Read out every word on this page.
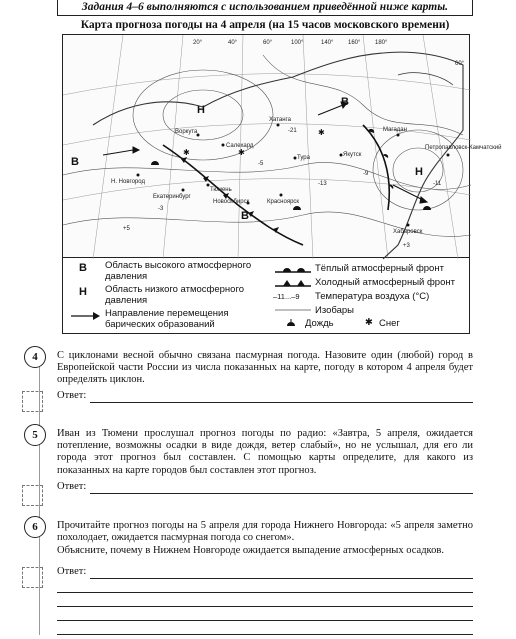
Задания 4–6 выполняются с использованием приведённой ниже карты.
Карта прогноза погоды на 4 апреля (на 15 часов московского времени)
20°	40°	60°	100°	140° 160° 180°
60°
В
В
В
Н
Н
Хатанга
Тура	Якутск
Красноярск
Новосибирск
Тюмень
Н. Новгород
Магадан
Петропавловск-Камчатский
Хабаровск
Салехард
Воркута
Екатеринбург
-21
-9
-13
-5
-3
-11
+5
+3
✱
✱
✱
В Область высокого атмосферного давления
Н Область низкого атмосферного давления
Направление перемещения барических образований
Тёплый атмосферный фронт
Холодный атмосферный фронт
–11...–9 Температура воздуха (°С)
Изобары
Дождь	✱ Снег
4	С циклонами весной обычно связана пасмурная погода. Назовите один (любой) город в Европейской части России из числа показанных на карте, погоду в котором 4 апреля будет определять циклон.
Ответ:
5	Иван из Тюмени прослушал прогноз погоды по радио: «Завтра, 5 апреля, ожидается потепление, возможны осадки в виде дождя, ветер слабый», но не услышал, для его ли города этот прогноз был составлен. С помощью карты определите, для какого из показанных на карте городов был составлен этот прогноз.
Ответ:
6	Прочитайте прогноз погоды на 5 апреля для города Нижнего Новгорода: «5 апреля заметно похолодает, ожидается пасмурная погода со снегом».
Объясните, почему в Нижнем Новгороде ожидается выпадение атмосферных осадков.
Ответ:
